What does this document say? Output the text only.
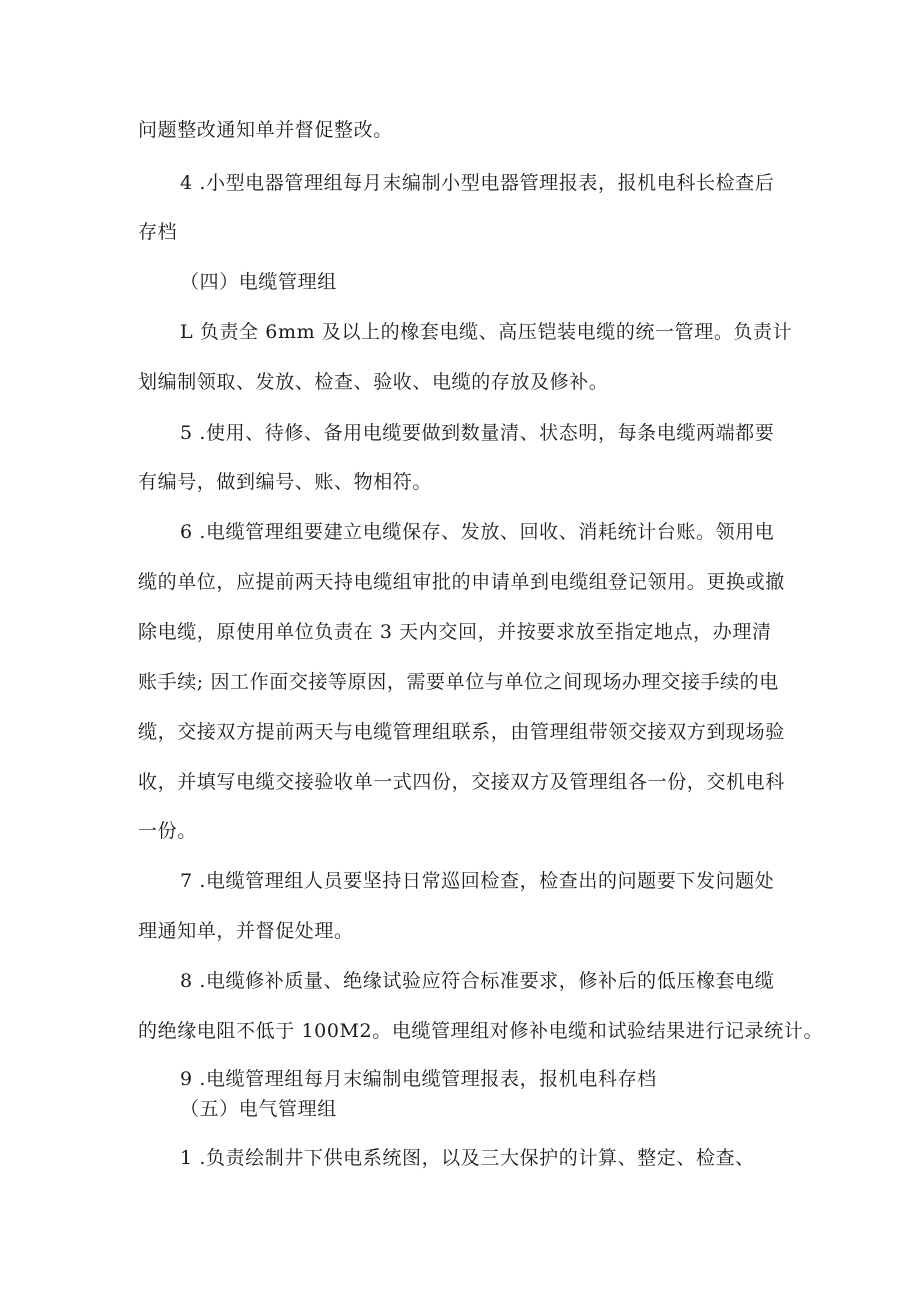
问题整改通知单并督促整改。
4 .小型电器管理组每月末编制小型电器管理报表，报机电科长检查后
存档
（四）电缆管理组
L 负责全 6mm 及以上的橡套电缆、高压铠装电缆的统一管理。负责计
划编制领取、发放、检查、验收、电缆的存放及修补。
5 .使用、待修、备用电缆要做到数量清、状态明，每条电缆两端都要
有编号，做到编号、账、物相符。
6 .电缆管理组要建立电缆保存、发放、回收、消耗统计台账。领用电
缆的单位，应提前两天持电缆组审批的申请单到电缆组登记领用。更换或撤
除电缆，原使用单位负责在 3 天内交回，并按要求放至指定地点，办理清
账手续; 因工作面交接等原因，需要单位与单位之间现场办理交接手续的电
缆，交接双方提前两天与电缆管理组联系，由管理组带领交接双方到现场验
收，并填写电缆交接验收单一式四份，交接双方及管理组各一份，交机电科
一份。
7 .电缆管理组人员要坚持日常巡回检查，检查出的问题要下发问题处
理通知单，并督促处理。
8 .电缆修补质量、绝缘试验应符合标准要求，修补后的低压橡套电缆
的绝缘电阻不低于 100M2。电缆管理组对修补电缆和试验结果进行记录统计。
9 .电缆管理组每月末编制电缆管理报表，报机电科存档
（五）电气管理组
1 .负责绘制井下供电系统图，以及三大保护的计算、整定、检查、
